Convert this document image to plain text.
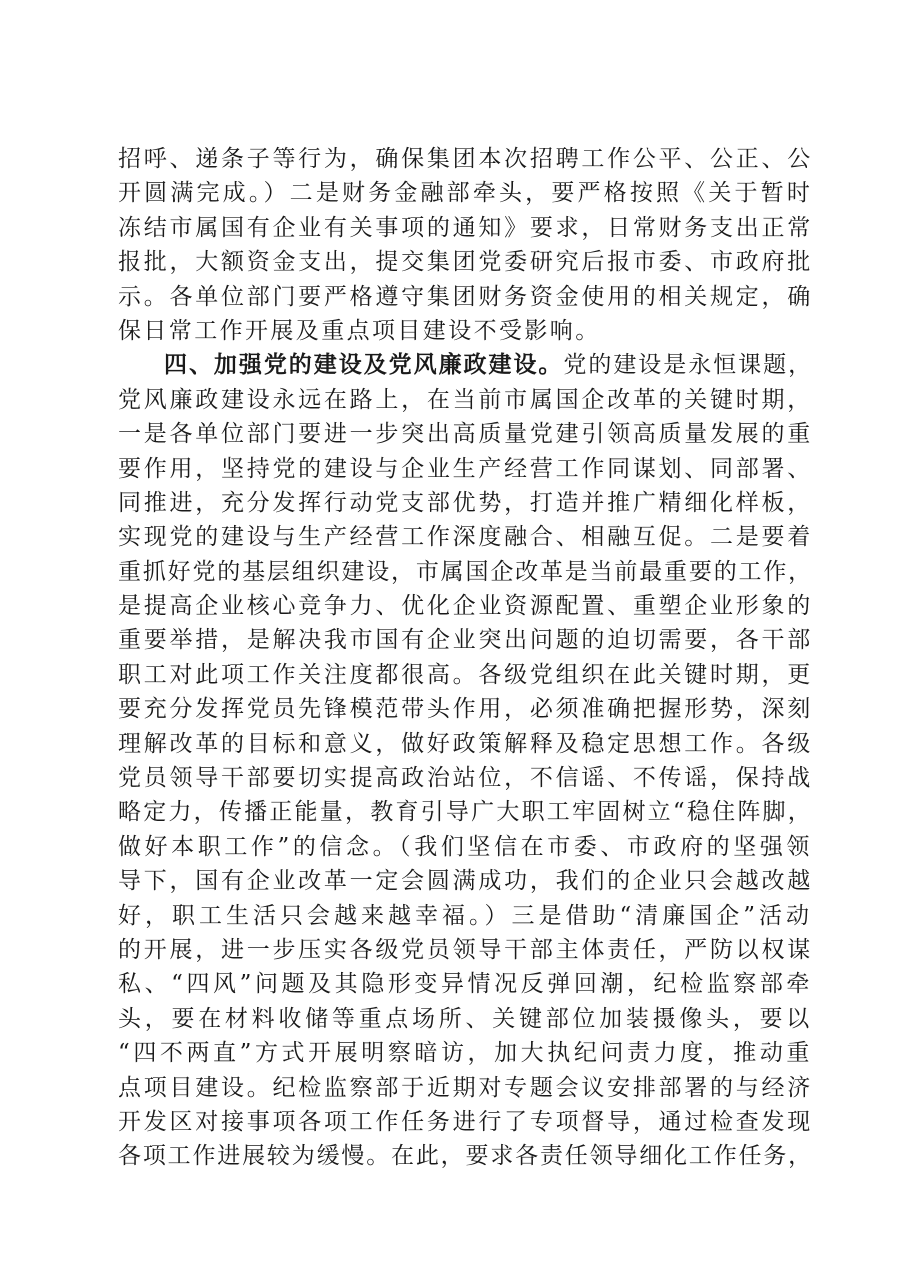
招呼、递条子等行为，确保集团本次招聘工作公平、公正、公
开圆满完成。）二是财务金融部牵头，要严格按照《关于暂时
冻结市属国有企业有关事项的通知》要求，日常财务支出正常
报批，大额资金支出，提交集团党委研究后报市委、市政府批
示。各单位部门要严格遵守集团财务资金使用的相关规定，确
保日常工作开展及重点项目建设不受影响。
四、加强党的建设及党风廉政建设。党的建设是永恒课题，
党风廉政建设永远在路上，在当前市属国企改革的关键时期，
一是各单位部门要进一步突出高质量党建引领高质量发展的重
要作用，坚持党的建设与企业生产经营工作同谋划、同部署、
同推进，充分发挥行动党支部优势，打造并推广精细化样板，
实现党的建设与生产经营工作深度融合、相融互促。二是要着
重抓好党的基层组织建设，市属国企改革是当前最重要的工作，
是提高企业核心竞争力、优化企业资源配置、重塑企业形象的
重要举措，是解决我市国有企业突出问题的迫切需要，各干部
职工对此项工作关注度都很高。各级党组织在此关键时期，更
要充分发挥党员先锋模范带头作用，必须准确把握形势，深刻
理解改革的目标和意义，做好政策解释及稳定思想工作。各级
党员领导干部要切实提高政治站位，不信谣、不传谣，保持战
略定力，传播正能量，教育引导广大职工牢固树立“稳住阵脚，
做好本职工作”的信念。（我们坚信在市委、市政府的坚强领
导下，国有企业改革一定会圆满成功，我们的企业只会越改越
好，职工生活只会越来越幸福。）三是借助“清廉国企”活动
的开展，进一步压实各级党员领导干部主体责任，严防以权谋
私、“四风”问题及其隐形变异情况反弹回潮，纪检监察部牵
头，要在材料收储等重点场所、关键部位加装摄像头，要以
“四不两直”方式开展明察暗访，加大执纪问责力度，推动重
点项目建设。纪检监察部于近期对专题会议安排部署的与经济
开发区对接事项各项工作任务进行了专项督导，通过检查发现
各项工作进展较为缓慢。在此，要求各责任领导细化工作任务，
